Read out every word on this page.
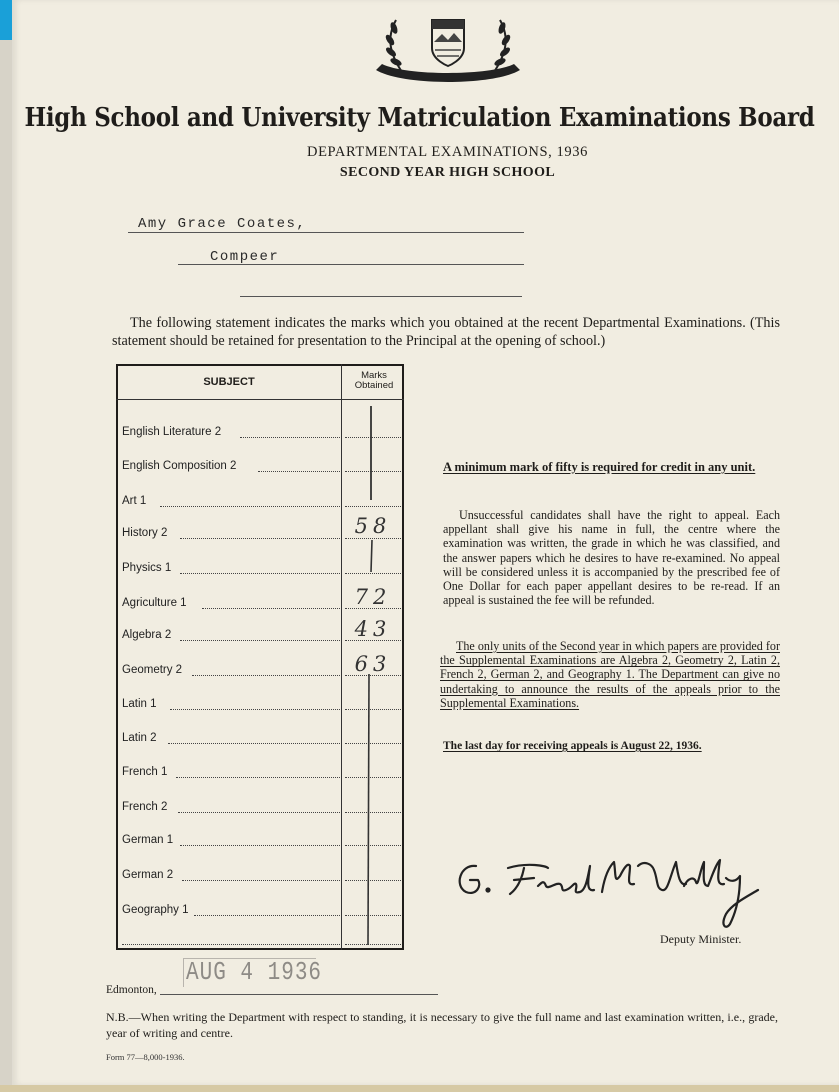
High School and University Matriculation Examinations Board
DEPARTMENTAL EXAMINATIONS, 1936
SECOND YEAR HIGH SCHOOL
Amy Grace Coates,
Compeer
The following statement indicates the marks which you obtained at the recent Departmental Examinations. (This statement should be retained for presentation to the Principal at the opening of school.)
SUBJECT
Marks
Obtained
English Literature 2
English Composition 2
Art 1
History 2
Physics 1
Agriculture 1
Algebra 2
Geometry 2
Latin 1
Latin 2
French 1
French 2
German 1
German 2
Geography 1
58
72
43
63
A minimum mark of fifty is required for credit in any unit.
Unsuccessful candidates shall have the right to appeal. Each appellant shall give his name in full, the centre where the examination was written, the grade in which he was classified, and the answer papers which he desires to have re-examined. No appeal will be considered unless it is accompanied by the prescribed fee of One Dollar for each paper appellant desires to be re-read. If an appeal is sustained the fee will be refunded.
The only units of the Second year in which papers are provided for the Supplemental Examinations are Algebra 2, Geometry 2, Latin 2, French 2, German 2, and Geography 1. The Department can give no undertaking to announce the results of the appeals prior to the Supplemental Examinations.
The last day for receiving appeals is August 22, 1936.
Deputy Minister.
AUG 4 1936
Edmonton,
N.B.—When writing the Department with respect to standing, it is necessary to give the full name and last examination written, i.e., grade, year of writing and centre.
Form 77—8,000-1936.
